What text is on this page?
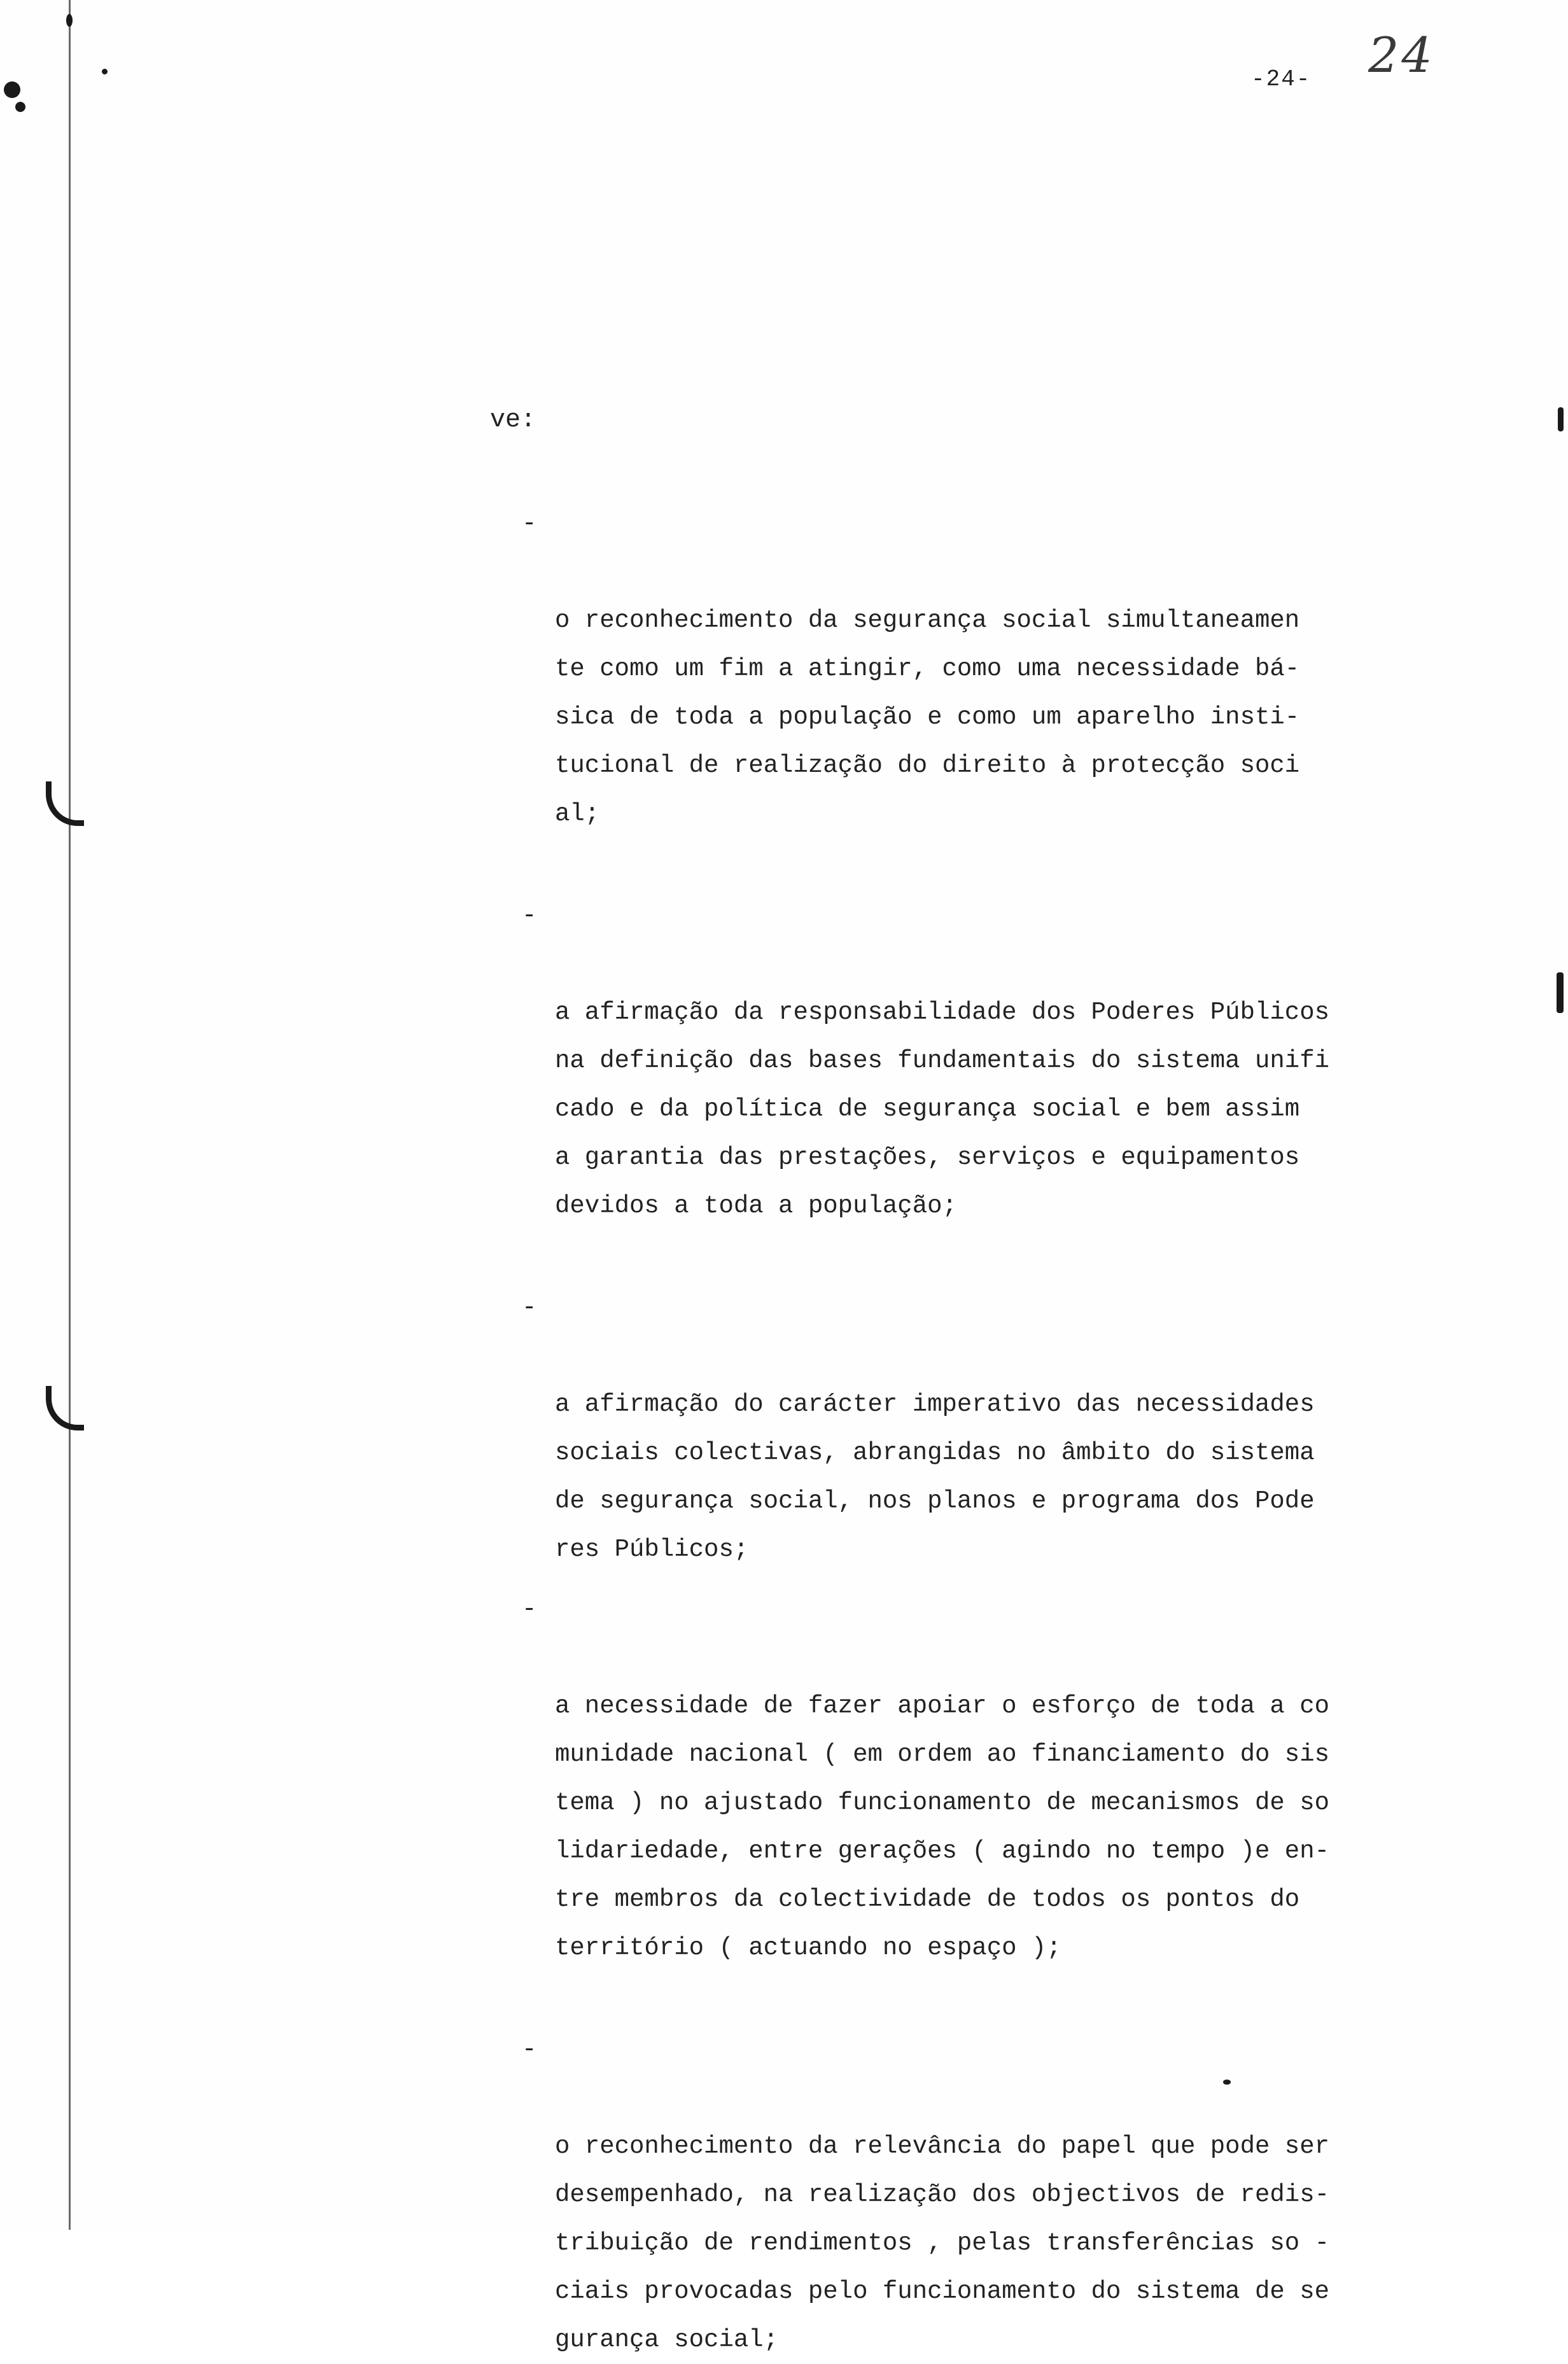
-24- 24
ve:

-

o reconhecimento da segurança social simultaneamen
te como um fim a atingir, como uma necessidade bá-
sica de toda a população e como um aparelho insti-
tucional de realização do direito à protecção soci
al;

-

a afirmação da responsabilidade dos Poderes Públicos
na definição das bases fundamentais do sistema unifi
cado e da política de segurança social e bem assim
a garantia das prestações, serviços e equipamentos
devidos a toda a população;

-

a afirmação do carácter imperativo das necessidades
sociais colectivas, abrangidas no âmbito do sistema
de segurança social, nos planos e programa dos Pode
res Públicos;

-

a necessidade de fazer apoiar o esforço de toda a co
munidade nacional ( em ordem ao financiamento do sis
tema ) no ajustado funcionamento de mecanismos de so
lidariedade, entre gerações ( agindo no tempo )e en-
tre membros da colectividade de todos os pontos do
território ( actuando no espaço );

-

o reconhecimento da relevância do papel que pode ser
desempenhado, na realização dos objectivos de redis-
tribuição de rendimentos , pelas transferências so -
ciais provocadas pelo funcionamento do sistema de se
gurança social;
